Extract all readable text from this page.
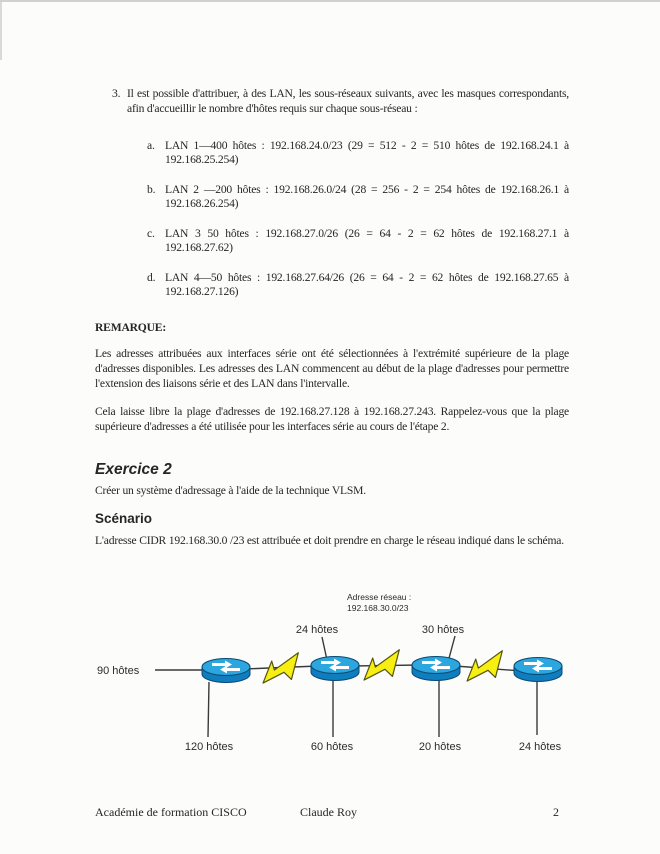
3. Il est possible d'attribuer, à des LAN, les sous-réseaux suivants, avec les masques correspondants, afin d'accueillir le nombre d'hôtes requis sur chaque sous-réseau :
a. LAN 1—400 hôtes : 192.168.24.0/23 (29 = 512 - 2 = 510 hôtes de 192.168.24.1 à 192.168.25.254)
b. LAN 2 —200 hôtes : 192.168.26.0/24 (28 = 256 - 2 = 254 hôtes de 192.168.26.1 à 192.168.26.254)
c. LAN 3 50 hôtes : 192.168.27.0/26 (26 = 64 - 2 = 62 hôtes de 192.168.27.1 à 192.168.27.62)
d. LAN 4—50 hôtes : 192.168.27.64/26 (26 = 64 - 2 = 62 hôtes de 192.168.27.65 à 192.168.27.126)
REMARQUE:

Les adresses attribuées aux interfaces série ont été sélectionnées à l'extrémité supérieure de la plage d'adresses disponibles. Les adresses des LAN commencent au début de la plage d'adresses pour permettre l'extension des liaisons série et des LAN dans l'intervalle.

Cela laisse libre la plage d'adresses de 192.168.27.128 à 192.168.27.243. Rappelez-vous que la plage supérieure d'adresses a été utilisée pour les interfaces série au cours de l'étape 2.

Exercice 2

Créer un système d'adressage à l'aide de la technique VLSM.

Scénario

L'adresse CIDR 192.168.30.0 /23 est attribuée et doit prendre en charge le réseau indiqué dans le schéma.

Adresse réseau :
192.168.30.0/23
24 hôtes	30 hôtes
90 hôtes
120 hôtes	60 hôtes	20 hôtes	24 hôtes
Académie de formation CISCO	Claude Roy	2
